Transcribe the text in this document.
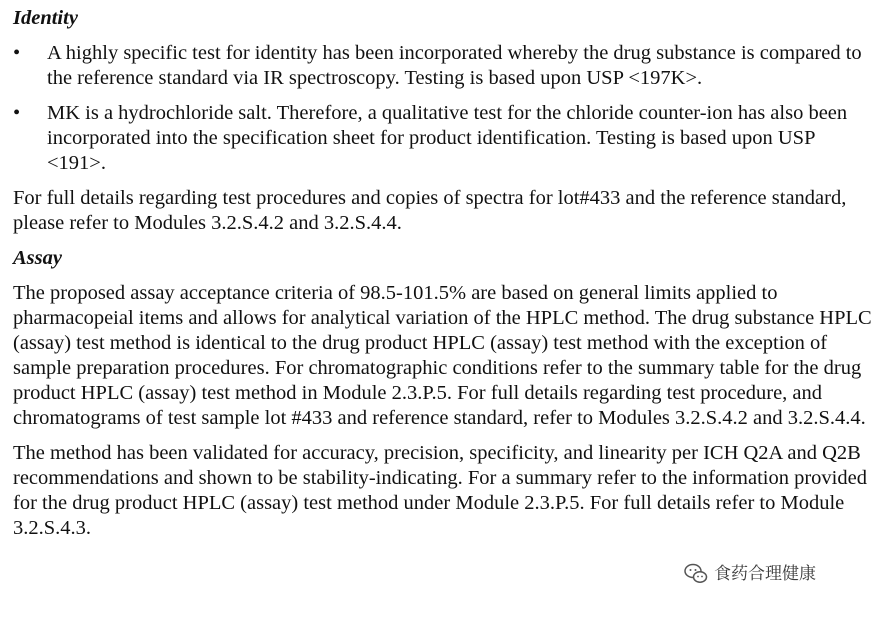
Identity
• A highly specific test for identity has been incorporated whereby the drug substance is compared to the reference standard via IR spectroscopy. Testing is based upon USP <197K>.
• MK is a hydrochloride salt. Therefore, a qualitative test for the chloride counter-ion has also been incorporated into the specification sheet for product identification. Testing is based upon USP <191>.

For full details regarding test procedures and copies of spectra for lot#433 and the reference standard, please refer to Modules 3.2.S.4.2 and 3.2.S.4.4.

Assay

The proposed assay acceptance criteria of 98.5-101.5% are based on general limits applied to pharmacopeial items and allows for analytical variation of the HPLC method. The drug substance HPLC (assay) test method is identical to the drug product HPLC (assay) test method with the exception of sample preparation procedures. For chromatographic conditions refer to the summary table for the drug product HPLC (assay) test method in Module 2.3.P.5. For full details regarding test procedure, and chromatograms of test sample lot #433 and reference standard, refer to Modules 3.2.S.4.2 and 3.2.S.4.4.

The method has been validated for accuracy, precision, specificity, and linearity per ICH Q2A and Q2B recommendations and shown to be stability-indicating. For a summary refer to the information provided for the drug product HPLC (assay) test method under Module 2.3.P.5. For full details refer to Module 3.2.S.4.3.

食药合理健康
